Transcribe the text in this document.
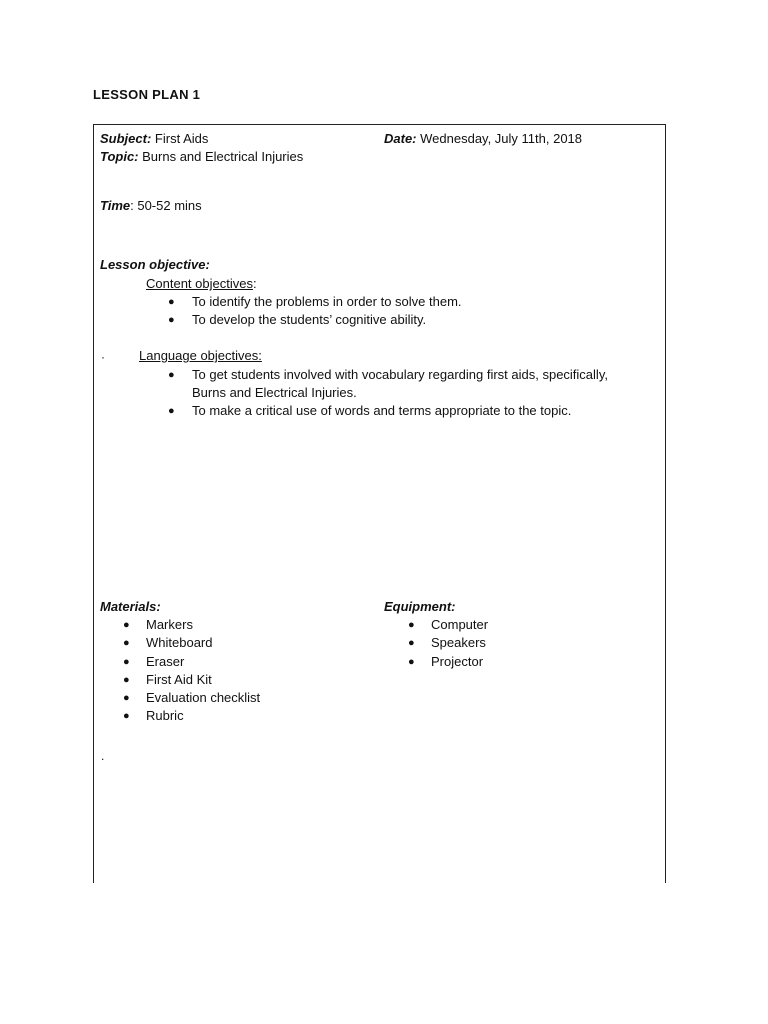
LESSON PLAN 1
Subject: First Aids	Date: Wednesday, July 11th, 2018
Topic: Burns and Electrical Injuries
Time: 50-52 mins
Lesson objective:
Content objectives:
● To identify the problems in order to solve them.
● To develop the students’ cognitive ability.
·	Language objectives:
● To get students involved with vocabulary regarding first aids, specifically,
Burns and Electrical Injuries.
● To make a critical use of words and terms appropriate to the topic.
Materials:
● Markers
● Whiteboard
● Eraser
● First Aid Kit
● Evaluation checklist
● Rubric
Equipment:
● Computer
● Speakers
● Projector
.
